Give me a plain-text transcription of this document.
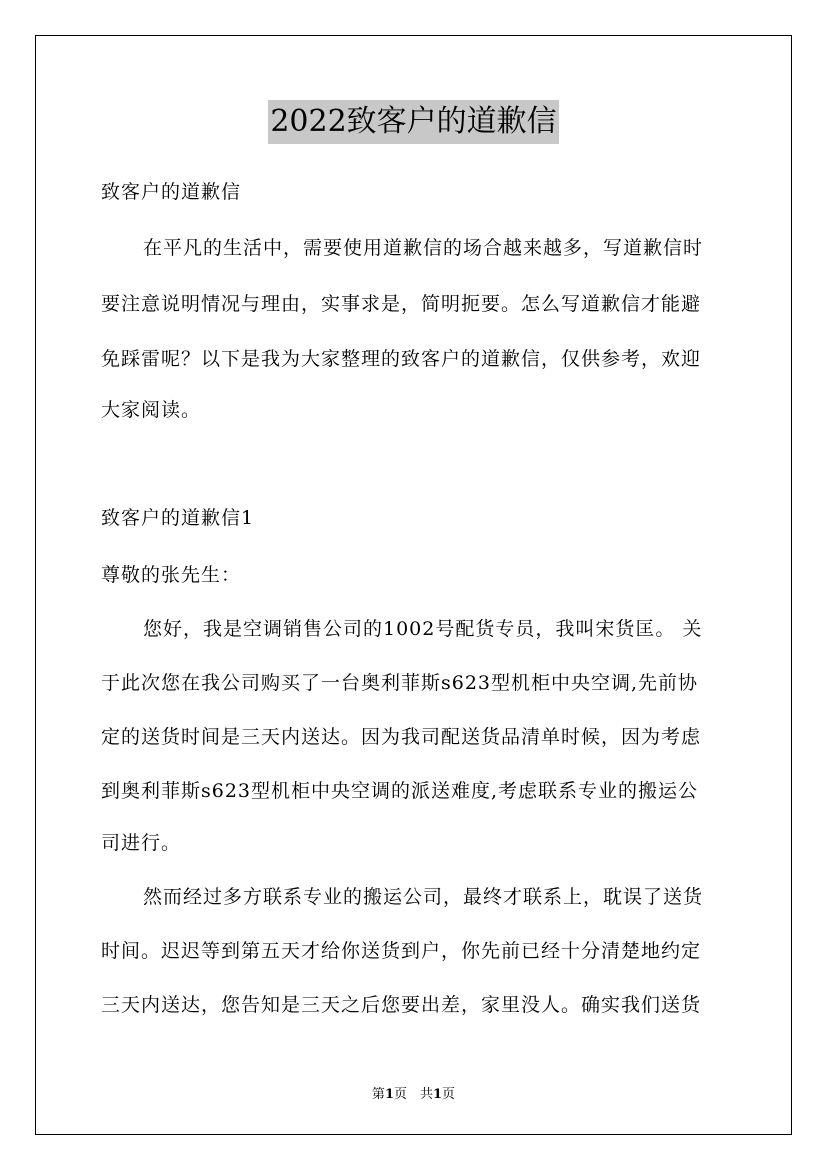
2022致客户的道歉信
致客户的道歉信
在平凡的生活中，需要使用道歉信的场合越来越多，写道歉信时
要注意说明情况与理由，实事求是，简明扼要。怎么写道歉信才能避
免踩雷呢？以下是我为大家整理的致客户的道歉信，仅供参考，欢迎
大家阅读。
致客户的道歉信1
尊敬的张先生：
您好，我是空调销售公司的1002号配货专员，我叫宋货匡。 关
于此次您在我公司购买了一台奥利菲斯s623型机柜中央空调,先前协
定的送货时间是三天内送达。因为我司配送货品清单时候，因为考虑
到奥利菲斯s623型机柜中央空调的派送难度,考虑联系专业的搬运公
司进行。
然而经过多方联系专业的搬运公司，最终才联系上，耽误了送货
时间。迟迟等到第五天才给你送货到户，你先前已经十分清楚地约定
三天内送达，您告知是三天之后您要出差，家里没人。确实我们送货
第1页　共1页
